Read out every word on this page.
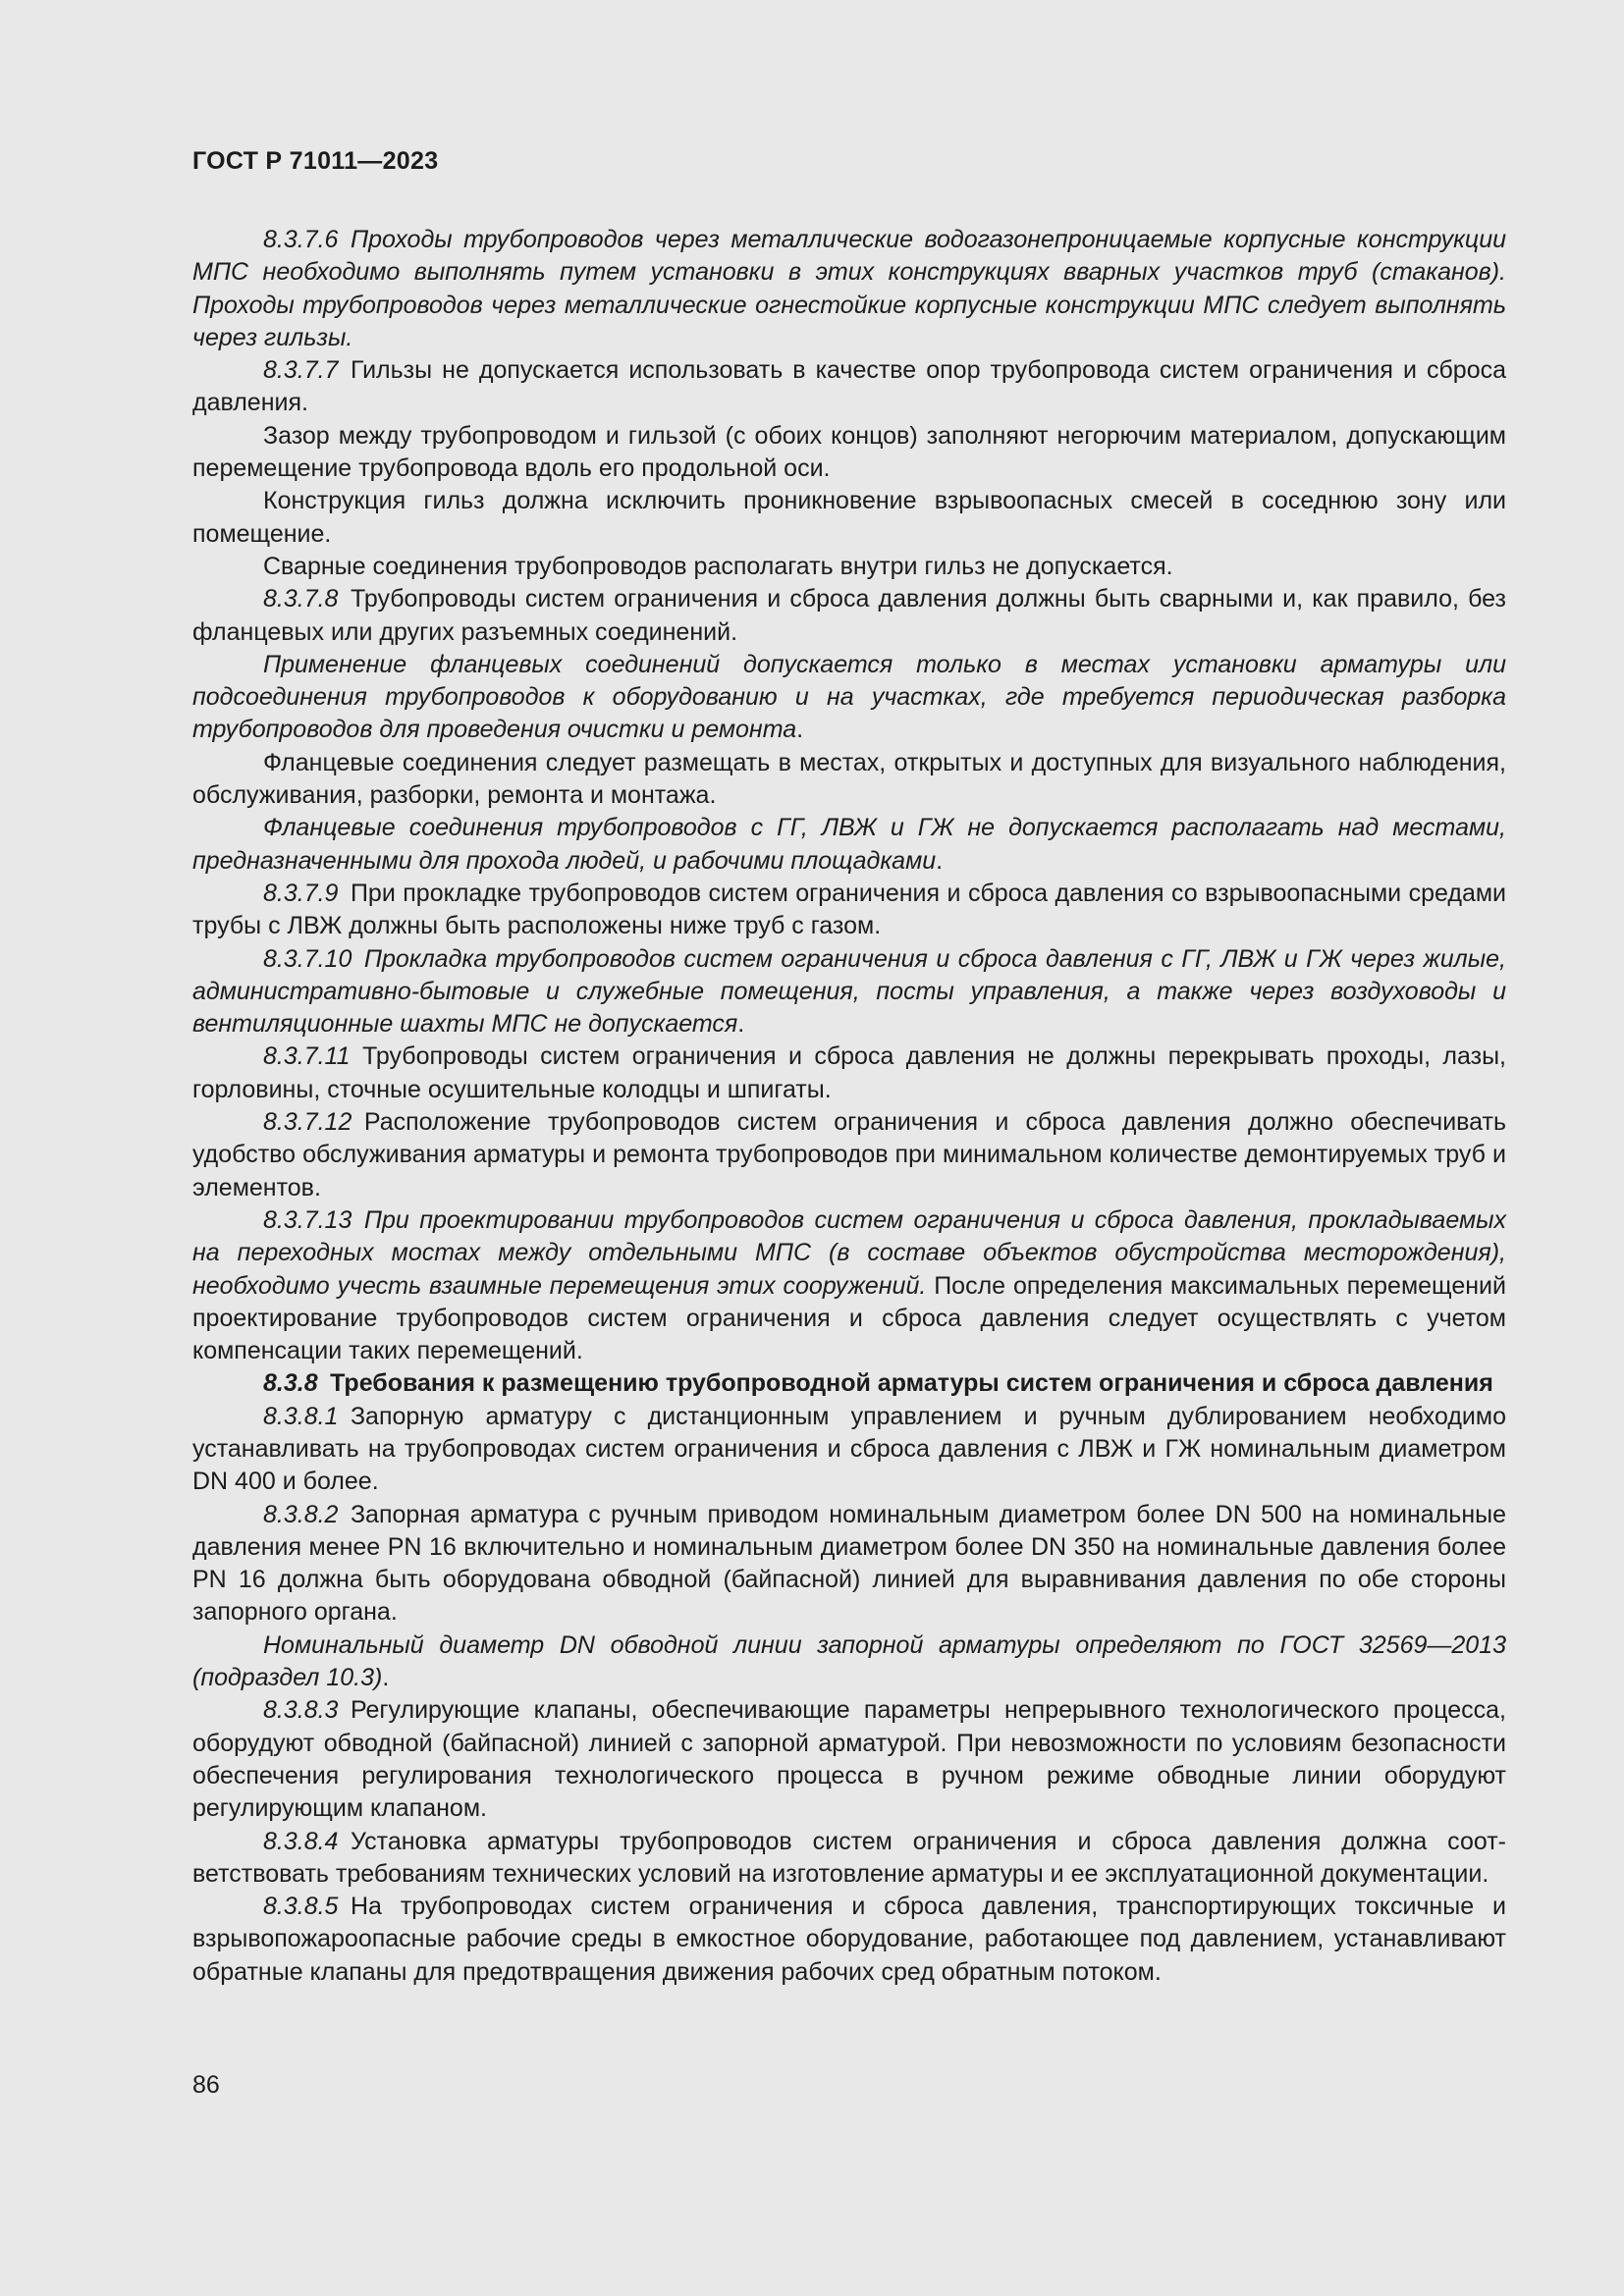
ГОСТ Р 71011—2023

8.3.7.6  Проходы трубопроводов через металлические водогазонепроницаемые корпусные конструкции МПС необходимо выполнять путем установки в этих конструкциях вварных участков труб (стаканов). Проходы трубопроводов через металлические огнестойкие корпусные конструкции МПС следует выполнять через гильзы.

8.3.7.7  Гильзы не допускается использовать в качестве опор трубопровода систем ограничения и сброса давления.

Зазор между трубопроводом и гильзой (с обоих концов) заполняют негорючим материалом, допускающим перемещение трубопровода вдоль его продольной оси.

Конструкция гильз должна исключить проникновение взрывоопасных смесей в соседнюю зону или помещение.

Сварные соединения трубопроводов располагать внутри гильз не допускается.

8.3.7.8  Трубопроводы систем ограничения и сброса давления должны быть сварными и, как правило, без фланцевых или других разъемных соединений.

Применение фланцевых соединений допускается только в местах установки арматуры или подсоединения трубопроводов к оборудованию и на участках, где требуется периодическая разборка трубопроводов для проведения очистки и ремонта.

Фланцевые соединения следует размещать в местах, открытых и доступных для визуального наблюдения, обслуживания, разборки, ремонта и монтажа.

Фланцевые соединения трубопроводов с ГГ, ЛВЖ и ГЖ не допускается располагать над местами, предназначенными для прохода людей, и рабочими площадками.

8.3.7.9  При прокладке трубопроводов систем ограничения и сброса давления со взрывоопасными средами трубы с ЛВЖ должны быть расположены ниже труб с газом.

8.3.7.10  Прокладка трубопроводов систем ограничения и сброса давления с ГГ, ЛВЖ и ГЖ через жилые, административно-бытовые и служебные помещения, посты управления, а также через воздуховоды и вентиляционные шахты МПС не допускается.

8.3.7.11  Трубопроводы систем ограничения и сброса давления не должны перекрывать проходы, лазы, горловины, сточные осушительные колодцы и шпигаты.

8.3.7.12  Расположение трубопроводов систем ограничения и сброса давления должно обеспечивать удобство обслуживания арматуры и ремонта трубопроводов при минимальном количестве демонтируемых труб и элементов.

8.3.7.13  При проектировании трубопроводов систем ограничения и сброса давления, прокладываемых на переходных мостах между отдельными МПС (в составе объектов обустройства месторождения), необходимо учесть взаимные перемещения этих сооружений. После определения максимальных перемещений проектирование трубопроводов систем ограничения и сброса давления следует осуществлять с учетом компенсации таких перемещений.

8.3.8  Требования к размещению трубопроводной арматуры систем ограничения и сброса давления

8.3.8.1  Запорную арматуру с дистанционным управлением и ручным дублированием необходимо устанавливать на трубопроводах систем ограничения и сброса давления с ЛВЖ и ГЖ номинальным диаметром DN 400 и более.

8.3.8.2  Запорная арматура с ручным приводом номинальным диаметром более DN 500 на номинальные давления менее PN 16 включительно и номинальным диаметром более DN 350 на номинальные давления более PN 16 должна быть оборудована обводной (байпасной) линией для выравнивания давления по обе стороны запорного органа.

Номинальный диаметр DN обводной линии запорной арматуры определяют по ГОСТ 32569—2013 (подраздел 10.3).

8.3.8.3  Регулирующие клапаны, обеспечивающие параметры непрерывного технологического процесса, оборудуют обводной (байпасной) линией с запорной арматурой. При невозможности по условиям безопасности обеспечения регулирования технологического процесса в ручном режиме обводные линии оборудуют регулирующим клапаном.

8.3.8.4  Установка арматуры трубопроводов систем ограничения и сброса давления должна соответствовать требованиям технических условий на изготовление арматуры и ее эксплуатационной документации.

8.3.8.5  На трубопроводах систем ограничения и сброса давления, транспортирующих токсичные и взрывопожароопасные рабочие среды в емкостное оборудование, работающее под давлением, устанавливают обратные клапаны для предотвращения движения рабочих сред обратным потоком.

86
